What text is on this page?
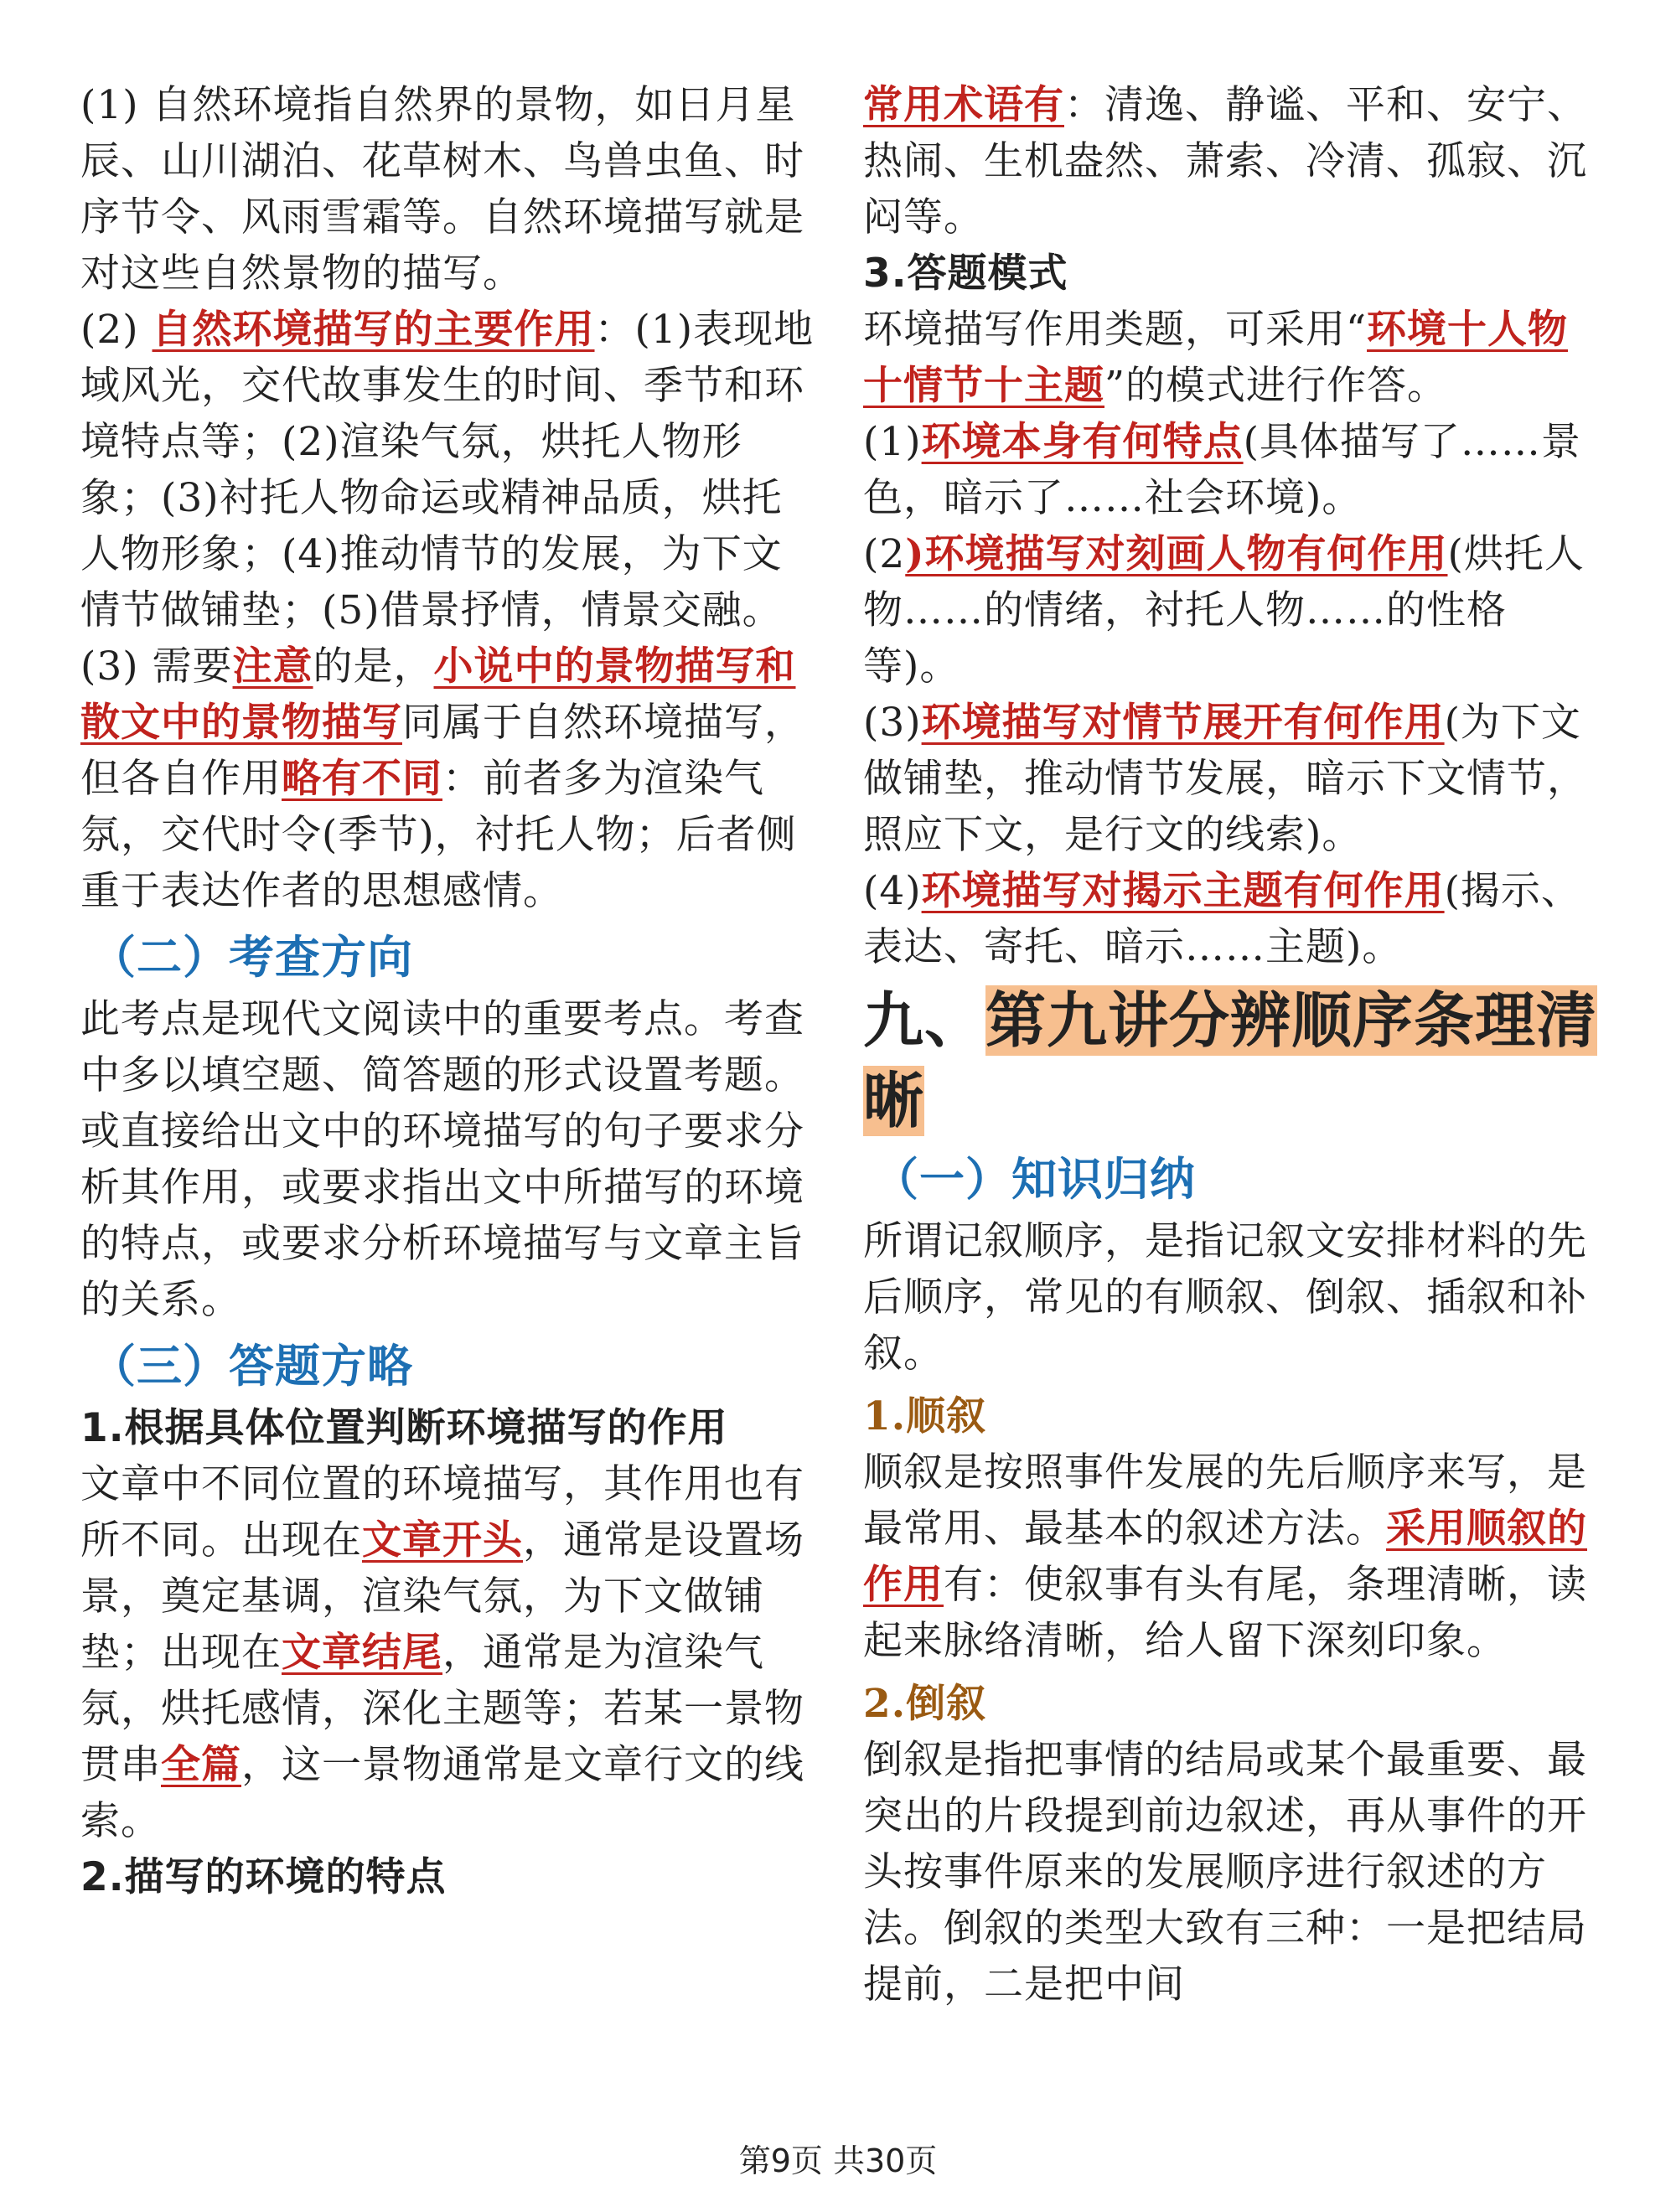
(1) 自然环境指自然界的景物，如日月星辰、山川湖泊、花草树木、鸟兽虫鱼、时序节令、风雨雪霜等。自然环境描写就是对这些自然景物的描写。

(2) 自然环境描写的主要作用：(1)表现地域风光，交代故事发生的时间、季节和环境特点等；(2)渲染气氛，烘托人物形象；(3)衬托人物命运或精神品质，烘托人物形象；(4)推动情节的发展，为下文情节做铺垫；(5)借景抒情，情景交融。

(3) 需要注意的是，小说中的景物描写和散文中的景物描写同属于自然环境描写，但各自作用略有不同：前者多为渲染气氛，交代时令(季节)，衬托人物；后者侧重于表达作者的思想感情。

（二）考查方向

此考点是现代文阅读中的重要考点。考查中多以填空题、简答题的形式设置考题。或直接给出文中的环境描写的句子要求分析其作用，或要求指出文中所描写的环境的特点，或要求分析环境描写与文章主旨的关系。

（三）答题方略

1.根据具体位置判断环境描写的作用

文章中不同位置的环境描写，其作用也有所不同。出现在文章开头，通常是设置场景，奠定基调，渲染气氛，为下文做铺垫；出现在文章结尾，通常是为渲染气氛，烘托感情，深化主题等；若某一景物贯串全篇，这一景物通常是文章行文的线索。

2.描写的环境的特点

常用术语有：清逸、静谧、平和、安宁、热闹、生机盎然、萧索、冷清、孤寂、沉闷等。

3.答题模式

环境描写作用类题，可采用“环境十人物十情节十主题”的模式进行作答。

(1)环境本身有何特点(具体描写了……景色，暗示了……社会环境)。

(2)环境描写对刻画人物有何作用(烘托人物……的情绪，衬托人物……的性格等)。

(3)环境描写对情节展开有何作用(为下文做铺垫，推动情节发展，暗示下文情节，照应下文，是行文的线索)。

(4)环境描写对揭示主题有何作用(揭示、表达、寄托、暗示……主题)。

九、第九讲分辨顺序条理清晰
（一）知识归纳

所谓记叙顺序，是指记叙文安排材料的先后顺序，常见的有顺叙、倒叙、插叙和补叙。

1.顺叙

顺叙是按照事件发展的先后顺序来写，是最常用、最基本的叙述方法。采用顺叙的作用有：使叙事有头有尾，条理清晰，读起来脉络清晰，给人留下深刻印象。

2.倒叙

倒叙是指把事情的结局或某个最重要、最突出的片段提到前边叙述，再从事件的开头按事件原来的发展顺序进行叙述的方法。倒叙的类型大致有三种：一是把结局提前，二是把中间

第9页 共30页
